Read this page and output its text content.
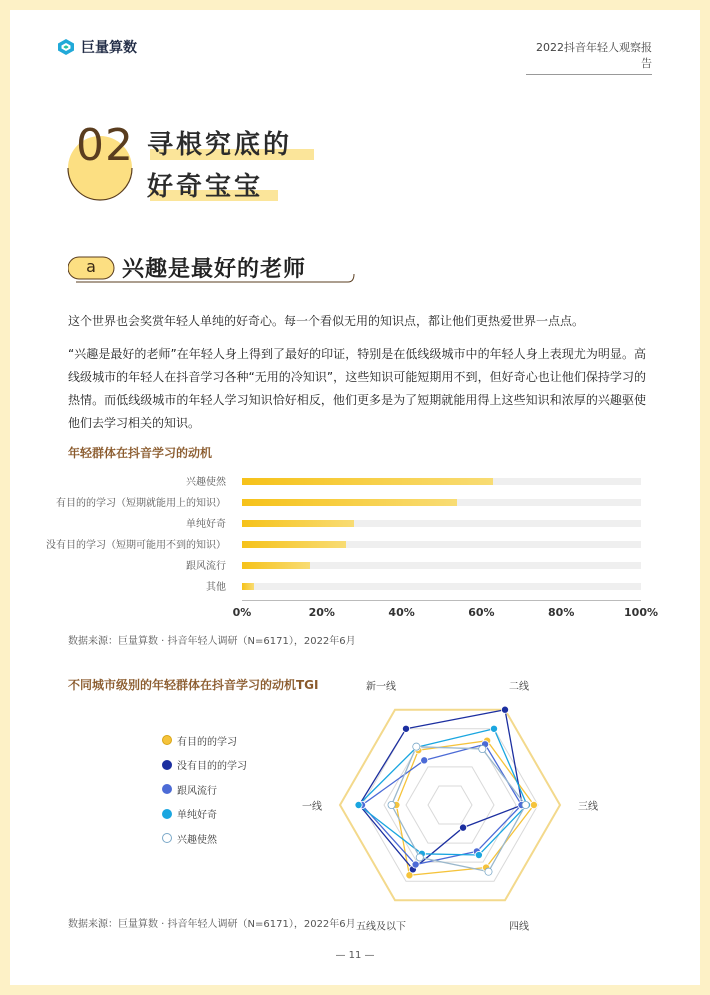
巨量算数	2022抖音年轻人观察报告
02 寻根究底的
好奇宝宝
a	兴趣是最好的老师

这个世界也会奖赏年轻人单纯的好奇心。每一个看似无用的知识点，都让他们更热爱世界一点点。

“兴趣是最好的老师”在年轻人身上得到了最好的印证，特别是在低线级城市中的年轻人身上表现尤为明显。高线级城市的年轻人在抖音学习各种“无用的冷知识”，这些知识可能短期用不到，但好奇心也让他们保持学习的热情。而低线级城市的年轻人学习知识恰好相反，他们更多是为了短期就能用得上这些知识和浓厚的兴趣驱使他们去学习相关的知识。

年轻群体在抖音学习的动机
兴趣使然
有目的的学习（短期就能用上的知识）
单纯好奇
没有目的学习（短期可能用不到的知识）
跟风流行
其他
0%	20%	40%	60%	80%	100%
数据来源：巨量算数 · 抖音年轻人调研（N=6171），2022年6月
不同城市级别的年轻群体在抖音学习的动机TGI
有目的的学习
没有目的的学习
跟风流行
单纯好奇
兴趣使然
新一线	二线
三线
四线
五线及以下
一线
数据来源：巨量算数 · 抖音年轻人调研（N=6171），2022年6月
— 11 —
